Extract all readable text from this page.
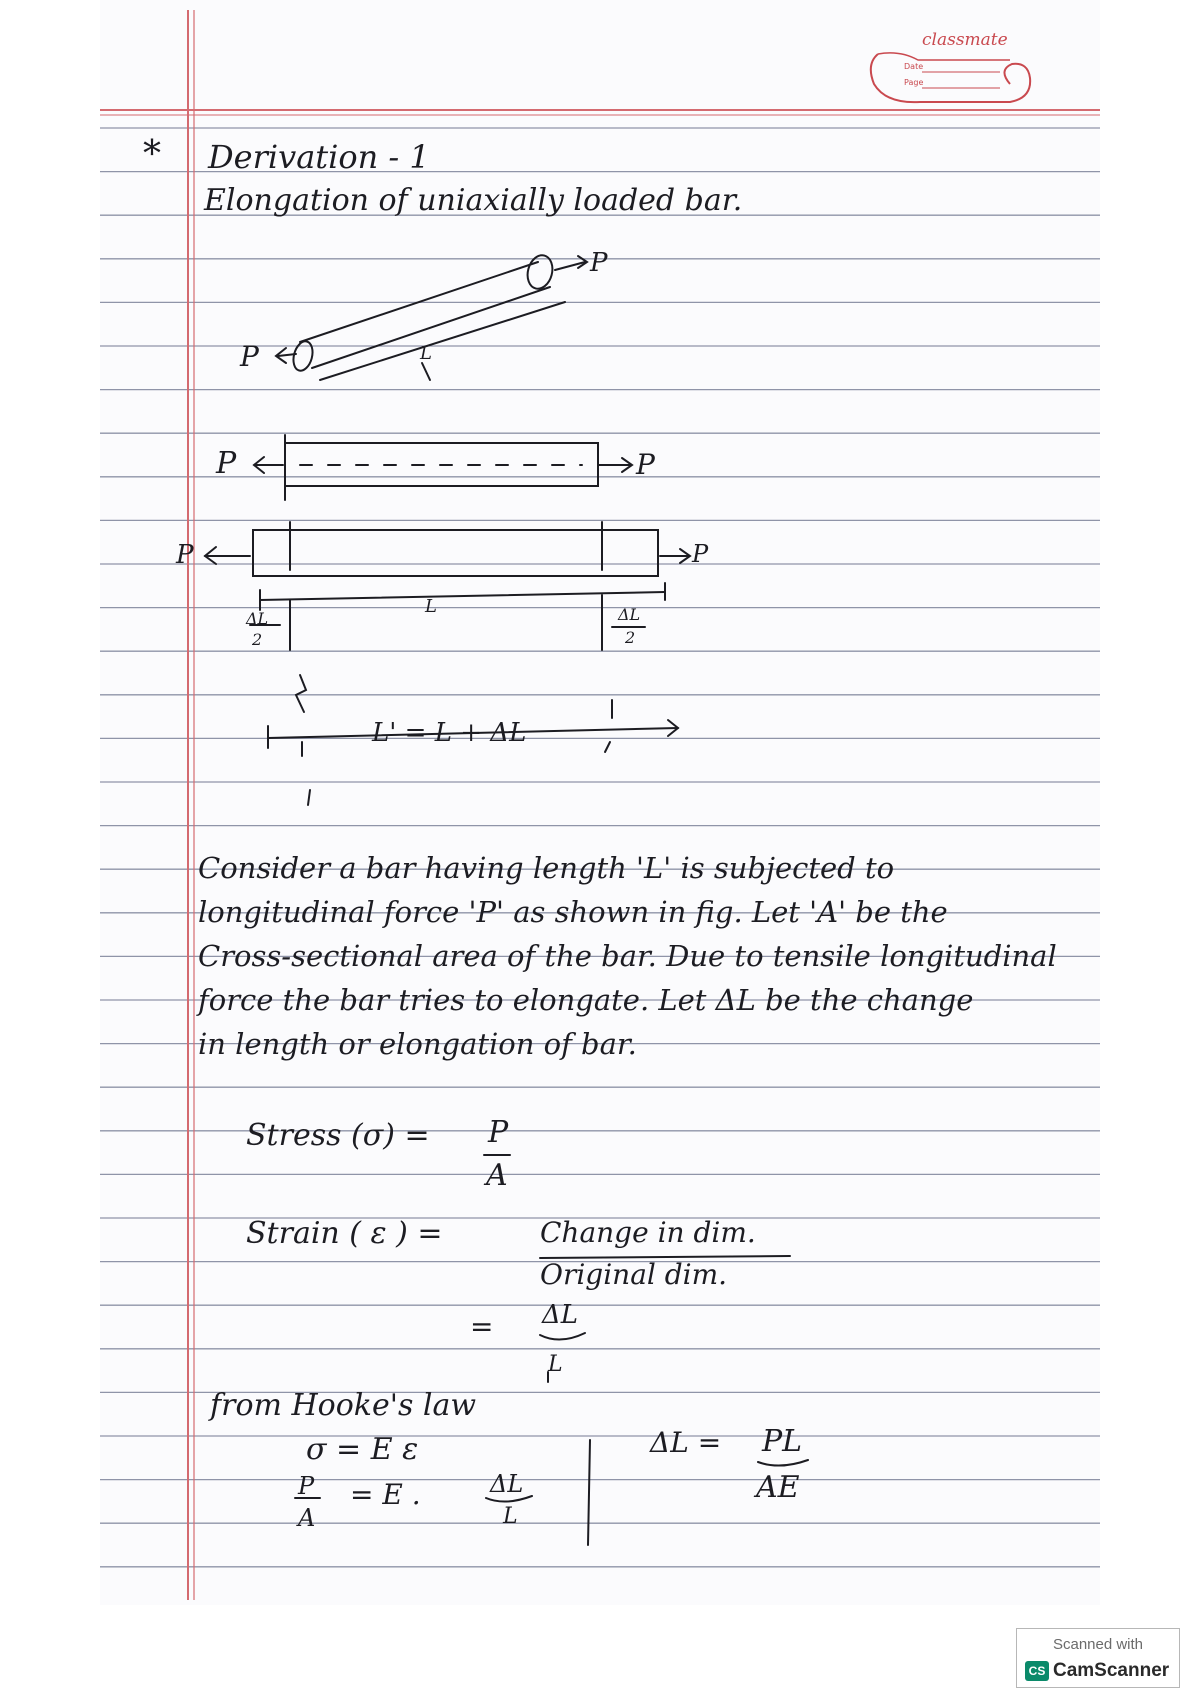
classmate
Date
Page
* Derivation - 1
Elongation of uniaxially loaded bar.
P
P
L
P	P
P	P
L
ΔL
2
ΔL
2
L' = L + ΔL
Consider a bar having length 'L' is subjected to
longitudinal force 'P' as shown in fig. Let 'A' be the
Cross-sectional area of the bar. Due to tensile longitudinal
force the bar tries to elongate. Let ΔL be the change
in length or elongation of bar.
Stress (σ) = P
A
Strain ( ε ) =	Change in dim.
Original dim.
= ΔL
L
from Hooke's law
σ = E ε
P
A
= E .	ΔL
L
ΔL = PL
AE
Scanned with
CS CamScanner
